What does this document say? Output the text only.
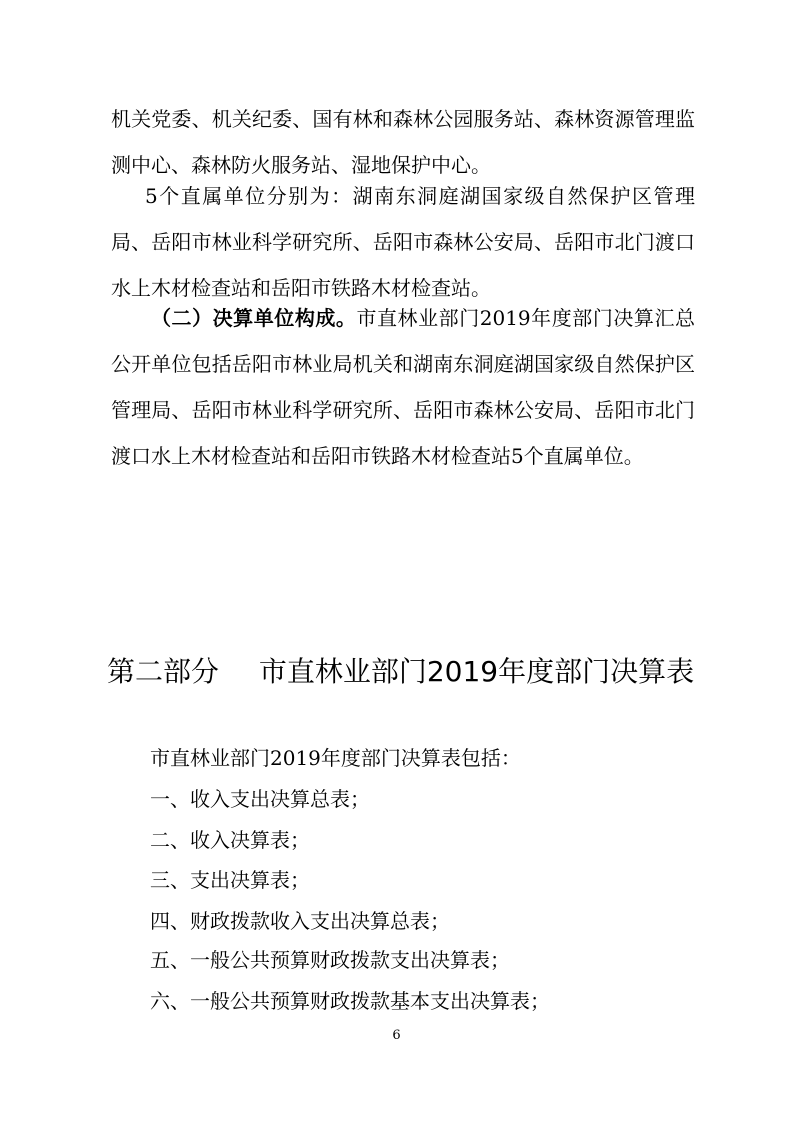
机关党委、机关纪委、国有林和森林公园服务站、森林资源管理监测中心、森林防火服务站、湿地保护中心。
5个直属单位分别为：湖南东洞庭湖国家级自然保护区管理局、岳阳市林业科学研究所、岳阳市森林公安局、岳阳市北门渡口水上木材检查站和岳阳市铁路木材检查站。
（二）决算单位构成。市直林业部门2019年度部门决算汇总公开单位包括岳阳市林业局机关和湖南东洞庭湖国家级自然保护区管理局、岳阳市林业科学研究所、岳阳市森林公安局、岳阳市北门渡口水上木材检查站和岳阳市铁路木材检查站5个直属单位。
第二部分 市直林业部门2019年度部门决算表
市直林业部门2019年度部门决算表包括：
一、收入支出决算总表；
二、收入决算表；
三、支出决算表；
四、财政拨款收入支出决算总表；
五、一般公共预算财政拨款支出决算表；
六、一般公共预算财政拨款基本支出决算表；
6
